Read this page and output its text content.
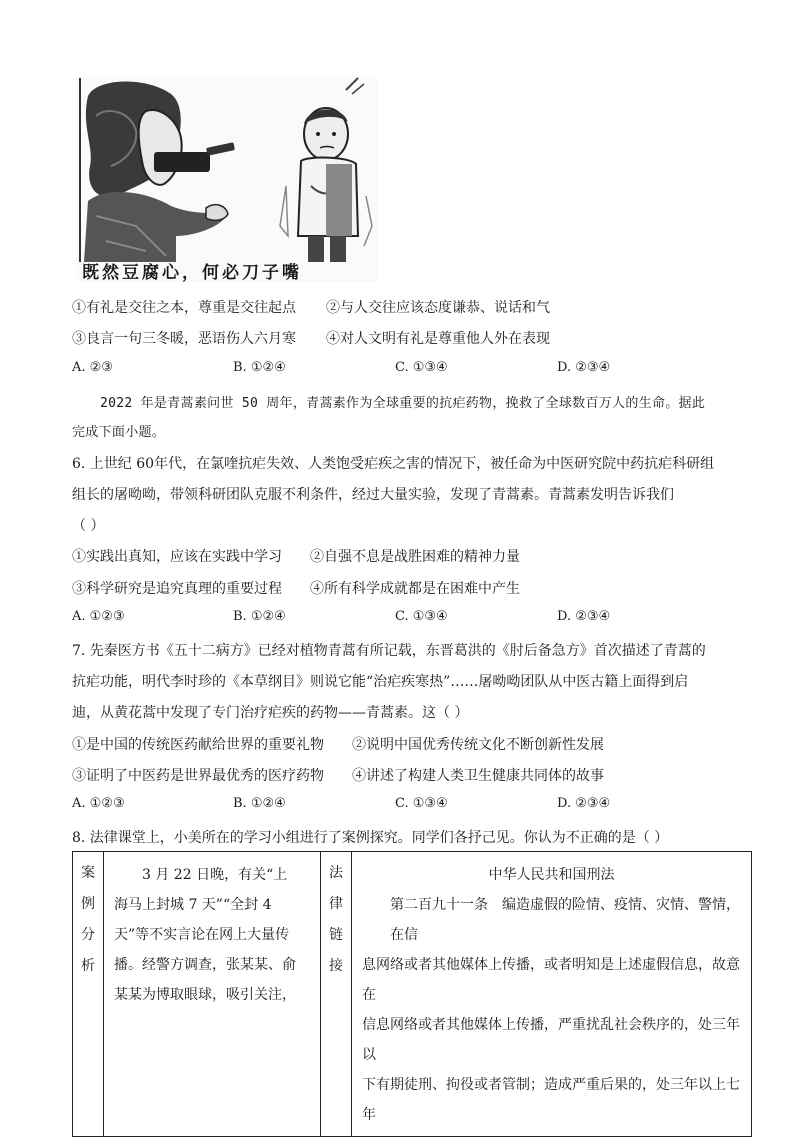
既然豆腐心，何必刀子嘴
①有礼是交往之本，尊重是交往起点 ②与人交往应该态度谦恭、说话和气
③良言一句三冬暖，恶语伤人六月寒 ④对人文明有礼是尊重他人外在表现
A. ②③	B. ①②④	C. ①③④	D. ②③④
2022 年是青蒿素问世 50 周年，青蒿素作为全球重要的抗疟药物，挽救了全球数百万人的生命。据此
完成下面小题。
6. 上世纪 60年代，在氯喹抗疟失效、人类饱受疟疾之害的情况下，被任命为中医研究院中药抗疟科研组
组长的屠呦呦，带领科研团队克服不利条件，经过大量实验，发现了青蒿素。青蒿素发明告诉我们
（ ）
①实践出真知，应该在实践中学习 ②自强不息是战胜困难的精神力量
③科学研究是追究真理的重要过程 ④所有科学成就都是在困难中产生
A. ①②③	B. ①②④	C. ①③④	D. ②③④
7. 先秦医方书《五十二病方》已经对植物青蒿有所记载，东晋葛洪的《肘后备急方》首次描述了青蒿的
抗疟功能，明代李时珍的《本草纲目》则说它能“治疟疾寒热”……屠呦呦团队从中医古籍上面得到启
迪，从黄花蒿中发现了专门治疗疟疾的药物——青蒿素。这（ ）
①是中国的传统医药献给世界的重要礼物 ②说明中国优秀传统文化不断创新性发展
③证明了中医药是世界最优秀的医疗药物 ④讲述了构建人类卫生健康共同体的故事
A. ①②③	B. ①②④	C. ①③④	D. ②③④
8. 法律课堂上，小美所在的学习小组进行了案例探究。同学们各抒己见。你认为不正确的是（ ）
案
例
分
析

3 月 22 日晚，有关“上
海马上封城 7 天”“全封 4
天”等不实言论在网上大量传
播。经警方调查，张某某、俞
某某为博取眼球，吸引关注，

法
律
链
接

中华人民共和国刑法
第二百九十一条　编造虚假的险情、疫情、灾情、警情，在信
息网络或者其他媒体上传播，或者明知是上述虚假信息，故意在
信息网络或者其他媒体上传播，严重扰乱社会秩序的，处三年以
下有期徒刑、拘役或者管制；造成严重后果的，处三年以上七年
